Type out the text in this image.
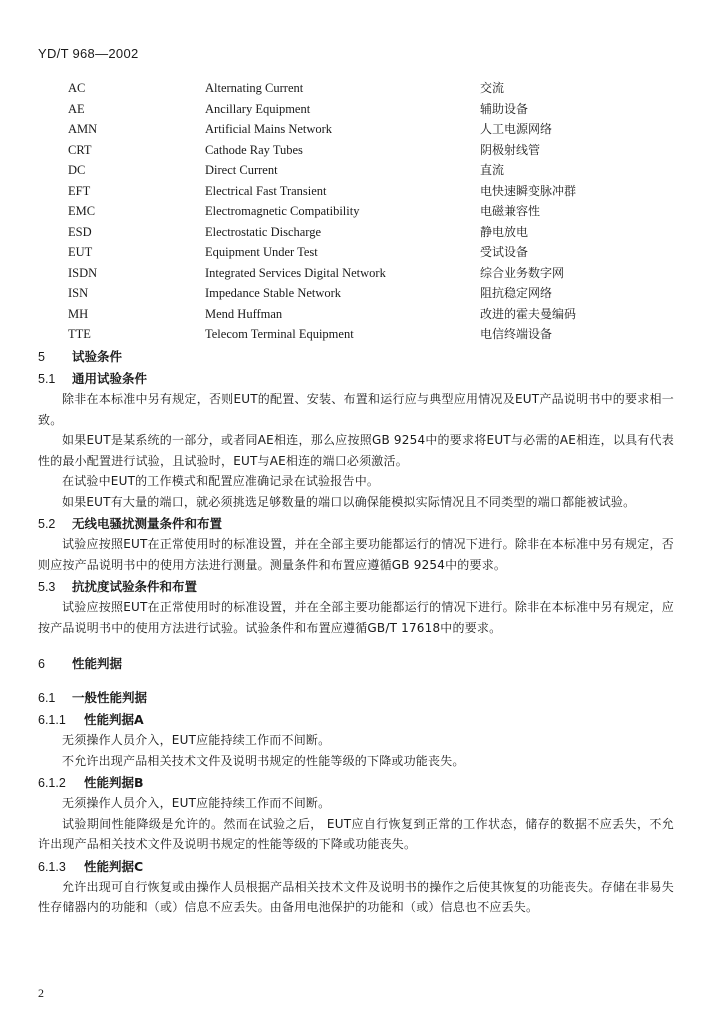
YD/T 968—2002
AC	Alternating Current	交流
AE	Ancillary Equipment	辅助设备
AMN	Artificial Mains Network	人工电源网络
CRT	Cathode Ray Tubes	阴极射线管
DC	Direct Current	直流
EFT	Electrical Fast Transient	电快速瞬变脉冲群
EMC	Electromagnetic Compatibility	电磁兼容性
ESD	Electrostatic Discharge	静电放电
EUT	Equipment Under Test	受试设备
ISDN	Integrated Services Digital Network	综合业务数字网
ISN	Impedance Stable Network	阻抗稳定网络
MH	Mend Huffman	改进的霍夫曼编码
TTE	Telecom Terminal Equipment	电信终端设备
5 试验条件
5.1 通用试验条件
除非在本标准中另有规定，否则EUT的配置、安装、布置和运行应与典型应用情况及EUT产品说明书中的要求相一致。
如果EUT是某系统的一部分，或者同AE相连，那么应按照GB 9254中的要求将EUT与必需的AE相连，以具有代表性的最小配置进行试验，且试验时，EUT与AE相连的端口必须激活。
在试验中EUT的工作模式和配置应准确记录在试验报告中。
如果EUT有大量的端口，就必须挑选足够数量的端口以确保能模拟实际情况且不同类型的端口都能被试验。
5.2 无线电骚扰测量条件和布置
试验应按照EUT在正常使用时的标准设置，并在全部主要功能都运行的情况下进行。除非在本标准中另有规定，否则应按产品说明书中的使用方法进行测量。测量条件和布置应遵循GB 9254中的要求。
5.3 抗扰度试验条件和布置
试验应按照EUT在正常使用时的标准设置，并在全部主要功能都运行的情况下进行。除非在本标准中另有规定，应按产品说明书中的使用方法进行试验。试验条件和布置应遵循GB/T 17618中的要求。
6 性能判据
6.1 一般性能判据
6.1.1 性能判据A
无须操作人员介入，EUT应能持续工作而不间断。
不允许出现产品相关技术文件及说明书规定的性能等级的下降或功能丧失。
6.1.2 性能判据B
无须操作人员介入，EUT应能持续工作而不间断。
试验期间性能降级是允许的。然而在试验之后， EUT应自行恢复到正常的工作状态，储存的数据不应丢失，不允许出现产品相关技术文件及说明书规定的性能等级的下降或功能丧失。
6.1.3 性能判据C
允许出现可自行恢复或由操作人员根据产品相关技术文件及说明书的操作之后使其恢复的功能丧失。存储在非易失性存储器内的功能和（或）信息不应丢失。由备用电池保护的功能和（或）信息也不应丢失。
2
